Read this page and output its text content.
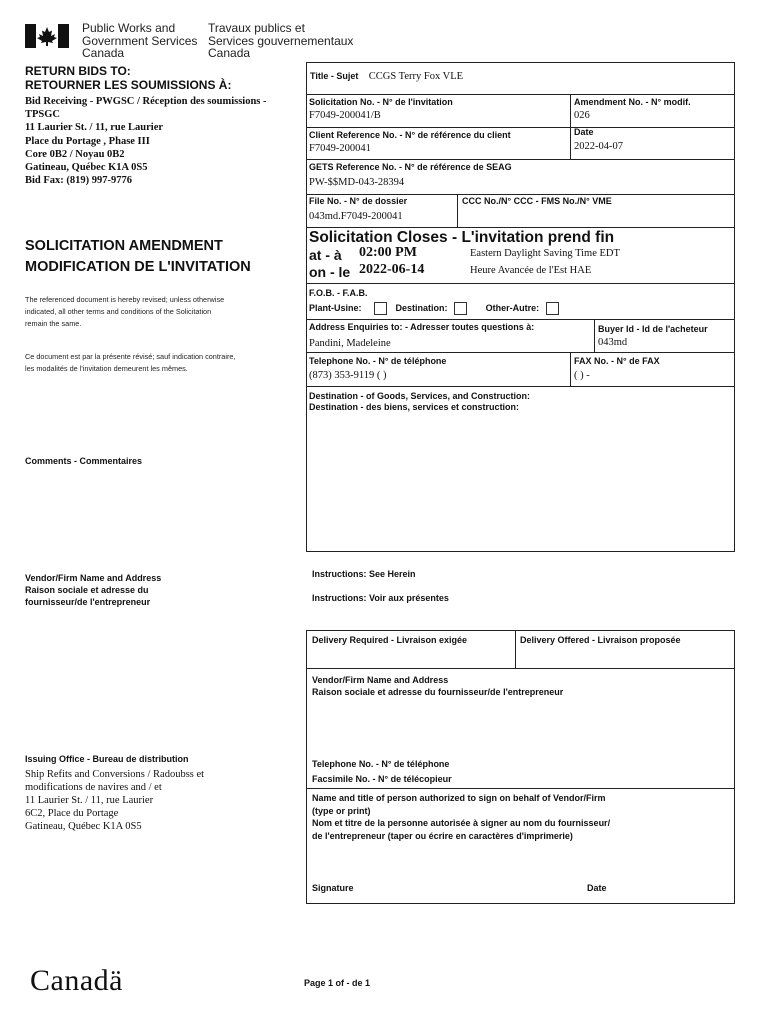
Public Works and
Government Services
Canada
Travaux publics et
Services gouvernementaux
Canada
RETURN BIDS TO:
RETOURNER LES SOUMISSIONS À:
Bid Receiving - PWGSC / Réception des soumissions -
TPSGC
11 Laurier St. / 11, rue Laurier
Place du Portage , Phase III
Core 0B2 / Noyau 0B2
Gatineau, Québec K1A 0S5
Bid Fax: (819) 997-9776
SOLICITATION AMENDMENT
MODIFICATION DE L'INVITATION
The referenced document is hereby revised; unless otherwise
indicated, all other terms and conditions of the Solicitation
remain the same.
Ce document est par la présente révisé; sauf indication contraire,
les modalités de l'invitation demeurent les mêmes.
Comments - Commentaires
Vendor/Firm Name and Address
Raison sociale et adresse du
fournisseur/de l'entrepreneur
Issuing Office - Bureau de distribution
Ship Refits and Conversions / Radoubss et
modifications de navires and / et
11 Laurier St. / 11, rue Laurier
6C2, Place du Portage
Gatineau, Québec K1A 0S5
Title - Sujet CCGS Terry Fox VLE
Solicitation No. - N° de l'invitation
F7049-200041/B
Amendment No. - N° modif.
026
Client Reference No. - N° de référence du client
F7049-200041
Date
2022-04-07
GETS Reference No. - N° de référence de SEAG
PW-$$MD-043-28394
File No. - N° de dossier
043md.F7049-200041
CCC No./N° CCC - FMS No./N° VME
Solicitation Closes - L'invitation prend fin
at - à 02:00 PM
on - le 2022-06-14
Eastern Daylight Saving Time EDT
Heure Avancée de l'Est HAE
F.O.B. - F.A.B.
Plant-Usine:	Destination:	Other-Autre:
Address Enquiries to: - Adresser toutes questions à:
Pandini, Madeleine
Buyer Id - Id de l'acheteur
043md
Telephone No. - N° de téléphone
(873) 353-9119 ( )
FAX No. - N° de FAX
( ) -
Destination - of Goods, Services, and Construction:
Destination - des biens, services et construction:
Instructions: See Herein
Instructions: Voir aux présentes
Delivery Required - Livraison exigée	Delivery Offered - Livraison proposée
Vendor/Firm Name and Address
Raison sociale et adresse du fournisseur/de l'entrepreneur
Telephone No. - N° de téléphone
Facsimile No. - N° de télécopieur
Name and title of person authorized to sign on behalf of Vendor/Firm
(type or print)
Nom et titre de la personne autorisée à signer au nom du fournisseur/
de l'entrepreneur (taper ou écrire en caractères d'imprimerie)
Signature	Date
Canadä	Page 1 of - de 1
